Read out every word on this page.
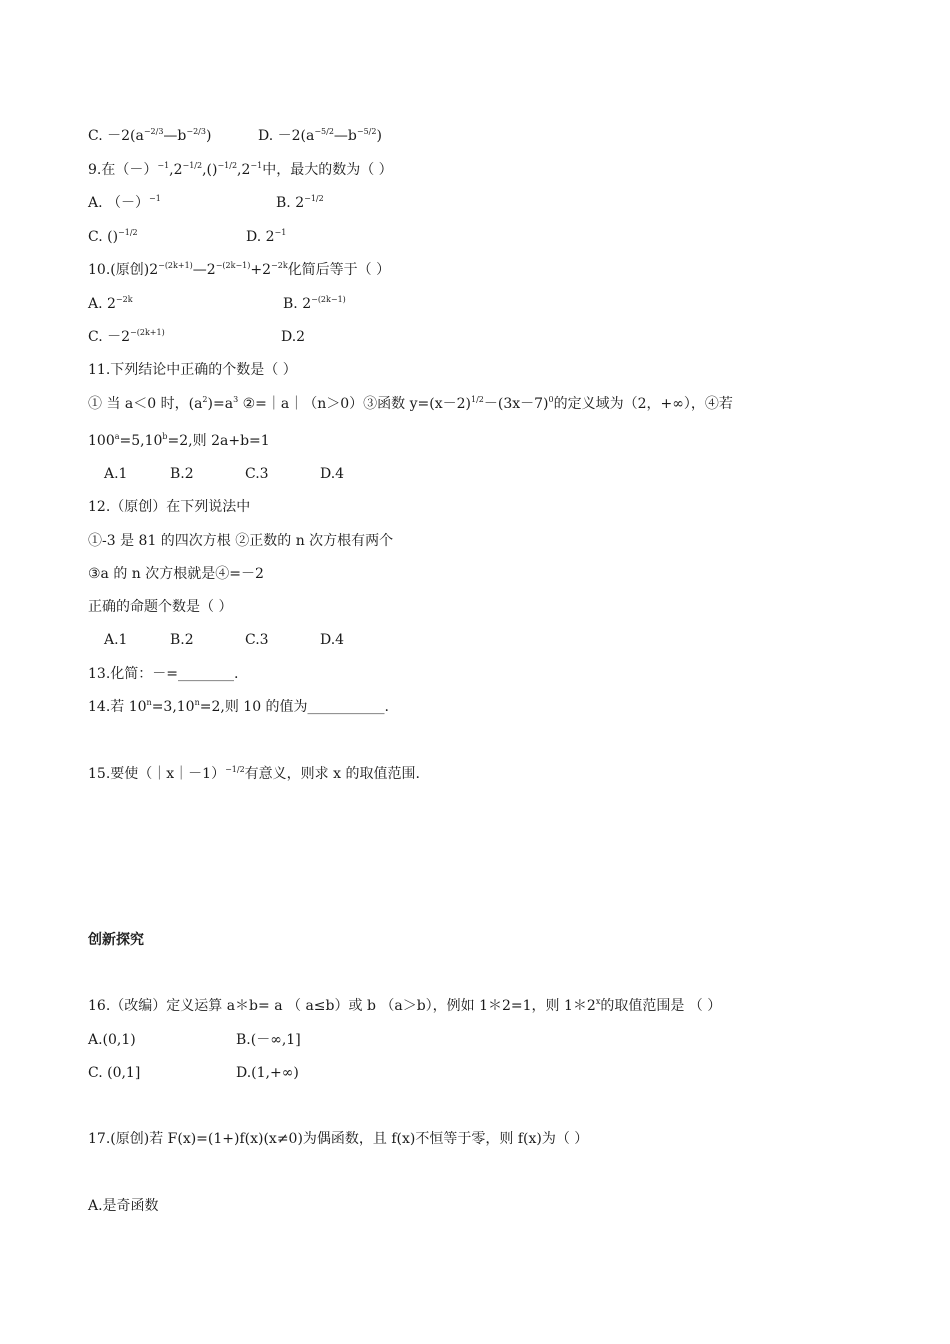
C. $-2(a^{-2/3}—b^{-2/3})$	D. $-2(a^{-5/2}—b^{-5/2})$
9.在$(-)^{-1},2^{-1/2},()^{-1/2},2^{-1}$中，最大的数为（ ）
A. $(-)^{-1}$	B. $2^{-1/2}$
C. ()$^{-1/2}$	D. $2^{-1}$
10.(原创)$2^{-(2k+1)}—2^{-(2k-1)}+2^{-2k}$化简后等于（ ）
A. $2^{-2k}$	B. $2^{-(2k-1)}$
C. $-2^{-(2k+1)}$	D.2
11.下列结论中正确的个数是（ ）
① 当 a＜0 时，$(a^2)=a^3$ ②=｜a｜（n＞0）③函数 $y=(x-2)^{1/2}-(3x-7)^0$的定义域为（2，+∞），④若
$100^a=5,10^b=2$,则 2a+b=1
A.1	B.2	C.3	D.4
12.（原创）在下列说法中
①-3 是 81 的四次方根 ②正数的 n 次方根有两个
③a 的 n 次方根就是④=－2
正确的命题个数是（ ）
A.1	B.2	C.3	D.4
13.化简：－=________.
14.若 $10^n=3,10^n=2$,则 10 的值为___________.
15.要使（｜x｜－1）$^{-1/2}$有意义，则求 x 的取值范围.
创新探究
16.（改编）定义运算 a＊b= a （ a≤b）或 b （a＞b），例如 1＊2=1，则 1＊2$^x$的取值范围是 （ ）
A.(0,1)	B.(－∞,1]
C. (0,1]	D.(1,+∞)
17.(原创)若 F(x)=(1+)f(x)(x≠0)为偶函数，且 f(x)不恒等于零，则 f(x)为（ ）
A.是奇函数
